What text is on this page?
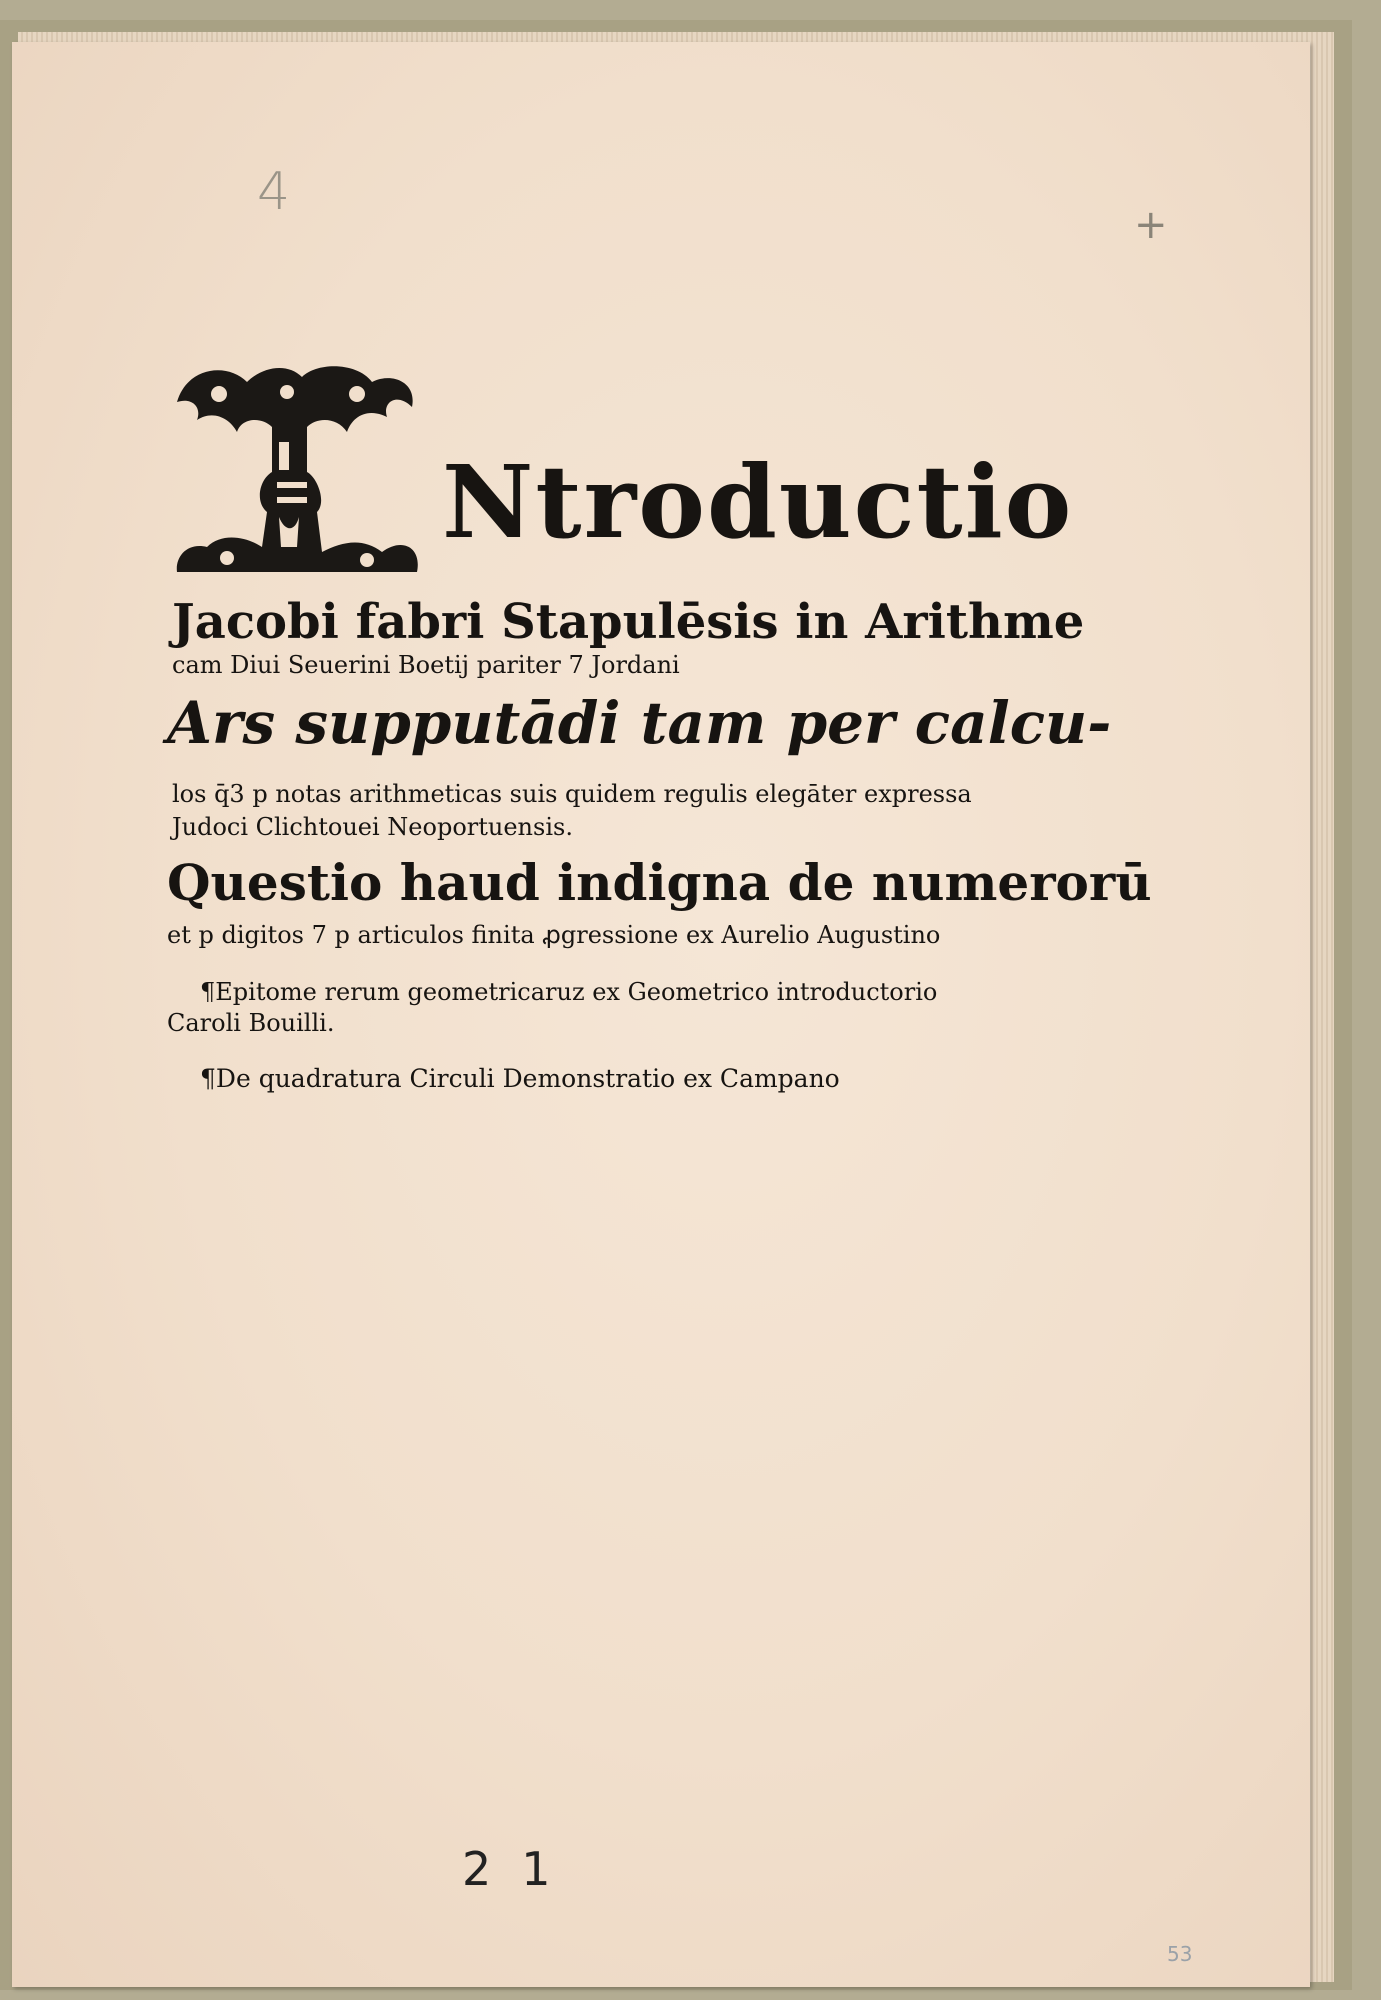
4
+
Ntroductio
Jacobi fabri Stapulēsis in Arithme
cam Diui Seuerini Boetij pariter 7 Jordani
Ars supputādi tam per calcu-
los q̄3 p notas arithmeticas suis quidem regulis elegāter expressa
Judoci Clichtouei Neoportuensis.
Questio haud indigna de numerorū
et p digitos 7 p articulos finita ꝓgressione ex Aurelio Augustino
¶Epitome rerum geometricaruz ex Geometrico introductorio
Caroli Bouilli.
¶De quadratura Circuli Demonstratio ex Campano
21
53
